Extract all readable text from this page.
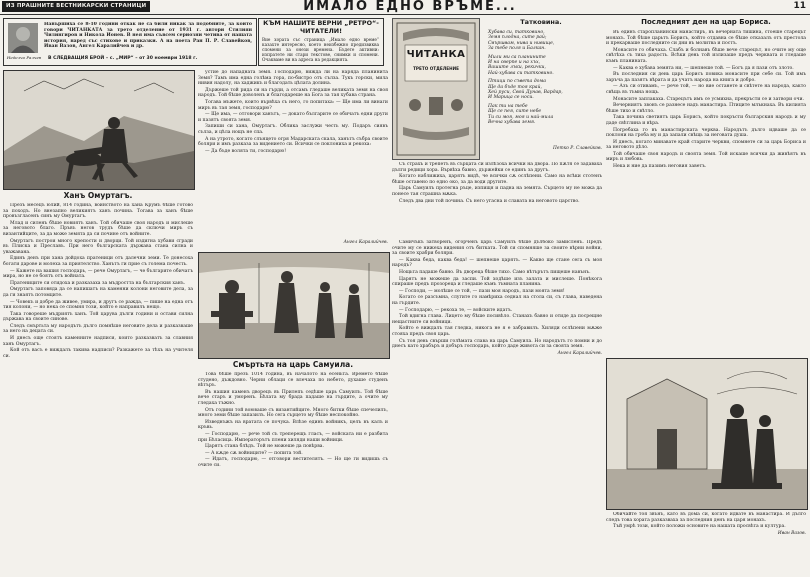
ИЗ ПРАШНИТЕ ВЕСТНИКАРСКИ СТРАНИЦИ	ИМАЛО ЕДНО ВРЪМЕ...	11
Неделчо Ралчев
Навършиха се 8-10 години откак не са били никак за подобните, за които говори ЧИТАНКАТА за трето отделение от 1931 г. автори Стилиян Чилингиров и Никола Ионев. В нея има съвсем сериозни четива от нашата история, наред със стихове и приказки. А на поета Ран П. Р. Славейков, Иван Вазов, Ангел Каралийчев и др.
В СЛЕДВАЩИЯ БРОЙ – с. „МИР“ – от 30 ноември 1918 г.
КЪМ НАШИТЕ ВЕРНИ „РЕТРО“-ЧИТАТЕЛИ!
Вие хората със страница „Имало едно време“ казахте интересно, което неизбежно предизвиква спомени за онези времена. Бъдете активни: изпратете ни стари текстове, снимки и спомени. Очакваме ви на адреса на редакцията.
Ханъ Омуртагъ.

Презъ месецъ юлий, 814 година, воинството на хана Крумъ бѣше готово за походъ. Но внезапно великиятъ ханъ почина. Тогава за ханъ бѣше провъзгласенъ синъ му Омуртагъ.

Млад и силенъ бѣше новиятъ ханъ. Той обичаше своя народъ и мислеше за неговото благо. Пръвъ негов трудъ бѣше да сключи миръ съ византийците, за да може земята да си почине отъ войните.

Омуртагъ построи много крепости и дворци. Той издигна хубави сгради въ Плиска и Преславъ. При него българската държава стана силна и уважавана.

Единъ денъ при хана дойдоха пратеници отъ далечни земи. Те донесоха богати дарове и молеха за приятелство. Ханътъ ги прие съ голема почесть.

— Кажете на вашия господарь, — рече Омуртагъ, — че българите обичатъ мира, но не се боятъ отъ войната.

Пратениците си отидоха и разказаха за мъдростта на българския ханъ.

Омуртагъ заповяда да се напишатъ на каменни колони неговите дела, за да ги знаятъ потомците.

— Човекъ и добре да живее, умира, и другъ се ражда, — пише на една отъ тия колони, — но нека се спомня този, който е направилъ нещо.

Така говореше мъдриятъ ханъ. Той царува дълги години и остави силна държава на своите синове.

Следъ смъртьта му народътъ дълго помнѣше неговите дела и разказваше за него на децата си.

И днесъ още стоятъ каменните надписи, които разказватъ за славния ханъ Омуртагъ.

Кой отъ васъ е виждалъ такива надписи? Разкажете за тѣхъ на учителя си.

устие до нападната земя. Господарю, вижда ли на наряда планинита Земя? Тамъ има една голѣма гора, по-бистро отъ сълза. Тукъ горски, мила нивия надолу, на хаджикъ и благодать цѣлата долина.

Държеше той рида си на гърди, а отсамъ гледаше великата земя на своя народъ. Той бѣше доволенъ и благодареше на Бога за тая хубава страна.

Тогава мъжете, които вървѣха съ него, го попитаха: — Ще има ли винаги миръ въ тая земя, господарю?

— Ще има, — отговори ханътъ, — докато българите се обичатъ едни други и пазятъ своята земя.

Запиши си хана, Омуртагъ. Облика заслужи честь му. Подаръ сиявъ сълза, и цѣла нощъ не спа.

А на утрото, когато слънцето огря Мадарската скала, ханътъ събра своите боляри и имъ разказа за видението си. Всички се поклониха и рекоха:

— Да бъде волята ти, господарю!

Ангел Каралийчев.
Смъртьта на царь Самуила.

Това бѣше презъ 1014 година, въ началото на есеньта. Времето бѣше студено, дъждовно. Черни облаци се влечаха по небето, духаше студенъ вѣтъръ.

Въ нашия каменъ дворецъ въ Прилепъ седѣше царь Самуилъ. Той бѣше вече старъ и уморенъ. Бѣлата му брада падаше на гърдите, а очите му гледаха тъжно.

Отъ години той воюваше съ византийците. Много битки бѣше спечелилъ, много земи бѣше запазилъ. Но сега сърцето му бѣше неспокойно.

Изведнъжъ на вратата се почука. Влѣзе единъ войникъ, целъ въ калъ и кръвь.

— Господарю, — рече той съ треперещъ гласъ, — войската ни е разбита при Бѣласица. Императорътъ плени хиляди наши войници.

Царятъ стана блѣдъ. Той не можеше да повѣрва.

— А кѫде сѫ войниците? — попита той.

— Идатъ, господарю, — отговори вестителятъ. — Но ще ги видишь съ очите си.

ЧИТАНКА
ТРЕТО ОТДЕЛЕНИЕ
Татковина.
Хубава си, татковино,
Земя плодна, сите рай;
Свършвам, нива и нивище,
За тебе поля и Балкан.
Мили ми са планините
И на сверпе и на хъх,
Вашите лъки, рекички,
Най-хубава си татковино.
Птици по съвета дома
Ще да бъде тоя край,
Хей руси, Свой Дунав, Вардар,
И Марица се носи.
Пак ти на тебе
Ще се пея, сите небе
Ти си моя, моя и най-мила
Вечна хубава земя.
Петко Р. Славейков.

Съ страхъ и трепетъ въ сърцата си излѣзоха всички на двора. По пѫтя се задаваха дълги редици хора. Вървѣха бавно, държейки се единъ за другъ.

Когато наближиха, царятъ видѣ, че всички сѫ ослѣпени. Само на всѣки стотенъ бѣше оставено по едно око, за да води другите.

Царь Самуилъ протегна ръце, изпищя и падна на земята. Сърцето му не можа да понесе тая страшна мѫка.

Следъ два дни той почина. Съ него угасна и славата на неговото царство.

Самичъкъ затворенъ, огорченъ царь Самуилъ бѣше дълбоко замисленъ. Предъ очите му се нижеха видения отъ битката. Той си спомняше за своите вѣрни войни, за своите храбри боляри.

— Каква беда, каква беда! — шепнеше царятъ. — Какво ще стане сега съ моя народъ?

Нощьта падаше бавно. Въ двореца бѣше тихо. Само вѣтърътъ пищеше навънъ.

Царятъ не можеше да заспи. Той ходѣше изъ залата и мислеше. Понѣкога спираше предъ прозореца и гледаше къмъ тъмната планина.

— Господи, — молѣше се той, — пази моя народъ, пази моята земя!

Когато се разсъмна, слугите го намѣриха седнал на стола си, съ глава, наведена на гърдите.

— Господарю, — рекоха те, — войските идатъ.

Той вдигна глава. Лицето му бѣше посивѣло. Станахъ бавно и отиде да посрещне нещастните си войници.

Който е виждалъ тая гледка, никога не я е забравилъ. Хиляди ослѣпени мѫже стояха предъ своя царь.

Съ тоя день свърши голѣмата слава на царь Самуила. Но народътъ го помни и до днесъ като храбъръ и добъръ господарь, който даде живота си за своята земя.

Ангел Каралийчев.
Последният ден на цар Бориса.

Въ единъ старопланински манастиръ, въ вечерната тишина, стоеше старецът монахъ. Той бѣше царьтъ Борисъ, който отдавна се бѣше отказалъ отъ престола и прекарваше последните си дни въ молитва и постъ.

Монасите го обичаха. Слабъ и болнавъ бѣше вече старецът, но очите му още свѣтѣха съ тиха радость. Всѣки день той излизаше предъ черквата и гледаше къмъ планината.

— Каква е хубава земята ни, — шепнеше той. — Богъ да я пази отъ злото.

Въ последния си день царь Борисъ повика монасите при себе си. Той имъ заръча да пазятъ вѣрата и да учатъ народа на книга и добро.

— Азъ си отивамъ, — рече той, — но вие останете и свѣтете на народа, както свѣщь въ тъмна нощь.

Монасите заплакаха. Старецътъ имъ се усмихна, прекръсти се и затвори очи.

Вечерниятъ звонъ се разнесе надъ манастира. Птиците млъкнаха. Въ килията бѣше тихо и свѣтло.

Така почина светиятъ царь Борисъ, който покръсти българския народъ и му даде свѣтлина и вѣра.

Погребаха го въ манастирската черква. Народътъ дълго идваше да се поклони на гроба му и да запали свѣщь за неговата душа.

И днесъ, когато минавате край старите черкви, спомнете си за царь Бориса и за неговото дѣло.

Той обичаше своя народъ и своята земя. Той искаше всички да живѣятъ въ миръ и любовь.

Нека и ние да пазимъ неговия заветъ.

Обичайте тоя звънъ, като въ дома си, когато идвате въ манастира. И дълго следъ това хората разказваха за последния денъ на царя монахъ.

Тъй умрѣ този, който положи основите на нашата просвѣта и култура.

Иван Вазов.
